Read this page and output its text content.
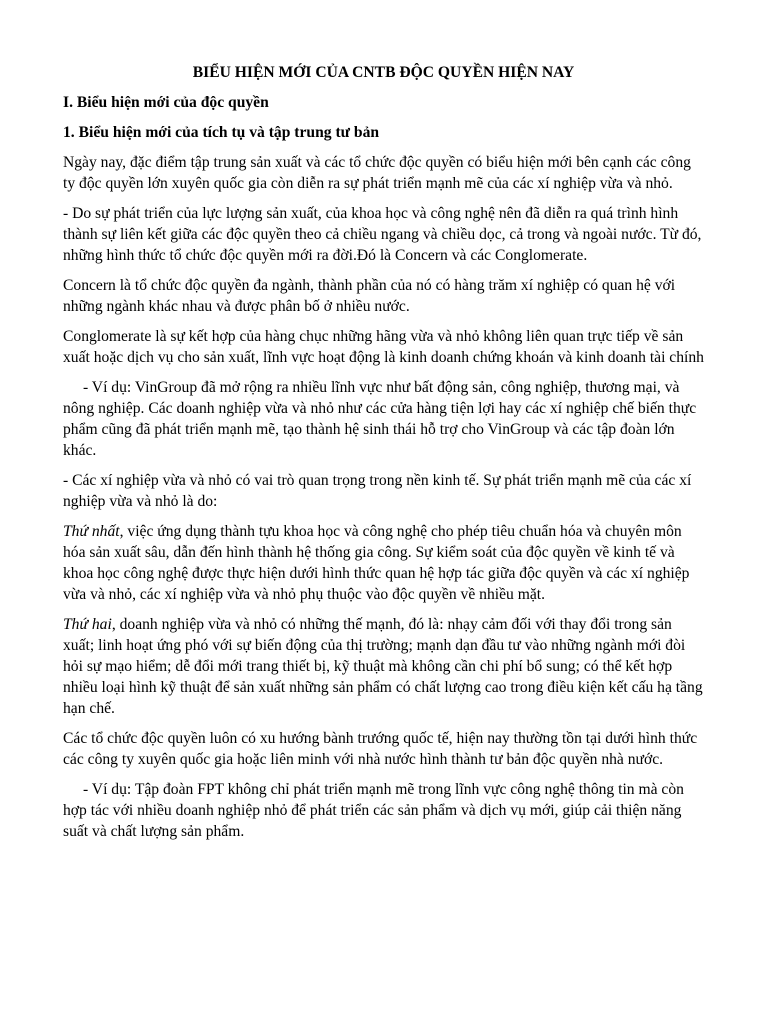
BIỂU HIỆN MỚI CỦA CNTB ĐỘC QUYỀN HIỆN NAY
I. Biểu hiện mới của độc quyền
1. Biểu hiện mới của tích tụ và tập trung tư bản

Ngày nay, đặc điểm tập trung sản xuất và các tổ chức độc quyền có biểu hiện mới bên cạnh các công ty độc quyền lớn xuyên quốc gia còn diễn ra sự phát triển mạnh mẽ của các xí nghiệp vừa và nhỏ.

- Do sự phát triển của lực lượng sản xuất, của khoa học và công nghệ nên đã diễn ra quá trình hình thành sự liên kết giữa các độc quyền theo cả chiều ngang và chiều dọc, cả trong và ngoài nước. Từ đó, những hình thức tổ chức độc quyền mới ra đời.Đó là Concern và các Conglomerate.

Concern là tổ chức độc quyền đa ngành, thành phần của nó có hàng trăm xí nghiệp có quan hệ với những ngành khác nhau và được phân bố ở nhiều nước.

Conglomerate là sự kết hợp của hàng chục những hãng vừa và nhỏ không liên quan trực tiếp về sản xuất hoặc dịch vụ cho sản xuất, lĩnh vực hoạt động là kinh doanh chứng khoán và kinh doanh tài chính

- Ví dụ: VinGroup đã mở rộng ra nhiều lĩnh vực như bất động sản, công nghiệp, thương mại, và nông nghiệp. Các doanh nghiệp vừa và nhỏ như các cửa hàng tiện lợi hay các xí nghiệp chế biến thực phẩm cũng đã phát triển mạnh mẽ, tạo thành hệ sinh thái hỗ trợ cho VinGroup và các tập đoàn lớn khác.

- Các xí nghiệp vừa và nhỏ có vai trò quan trọng trong nền kinh tế. Sự phát triển mạnh mẽ của các xí nghiệp vừa và nhỏ là do:

Thứ nhất, việc ứng dụng thành tựu khoa học và công nghệ cho phép tiêu chuẩn hóa và chuyên môn hóa sản xuất sâu, dẫn đến hình thành hệ thống gia công. Sự kiểm soát của độc quyền về kinh tế và khoa học công nghệ được thực hiện dưới hình thức quan hệ hợp tác giữa độc quyền và các xí nghiệp vừa và nhỏ, các xí nghiệp vừa và nhỏ phụ thuộc vào độc quyền về nhiều mặt.

Thứ hai, doanh nghiệp vừa và nhỏ có những thế mạnh, đó là: nhạy cảm đối với thay đổi trong sản xuất; linh hoạt ứng phó với sự biến động của thị trường; mạnh dạn đầu tư vào những ngành mới đòi hỏi sự mạo hiểm; dễ đổi mới trang thiết bị, kỹ thuật mà không cần chi phí bổ sung; có thể kết hợp nhiều loại hình kỹ thuật để sản xuất những sản phẩm có chất lượng cao trong điều kiện kết cấu hạ tầng hạn chế.

Các tổ chức độc quyền luôn có xu hướng bành trướng quốc tế, hiện nay thường tồn tại dưới hình thức các công ty xuyên quốc gia hoặc liên minh với nhà nước hình thành tư bản độc quyền nhà nước.

- Ví dụ: Tập đoàn FPT không chỉ phát triển mạnh mẽ trong lĩnh vực công nghệ thông tin mà còn hợp tác với nhiều doanh nghiệp nhỏ để phát triển các sản phẩm và dịch vụ mới, giúp cải thiện năng suất và chất lượng sản phẩm.
